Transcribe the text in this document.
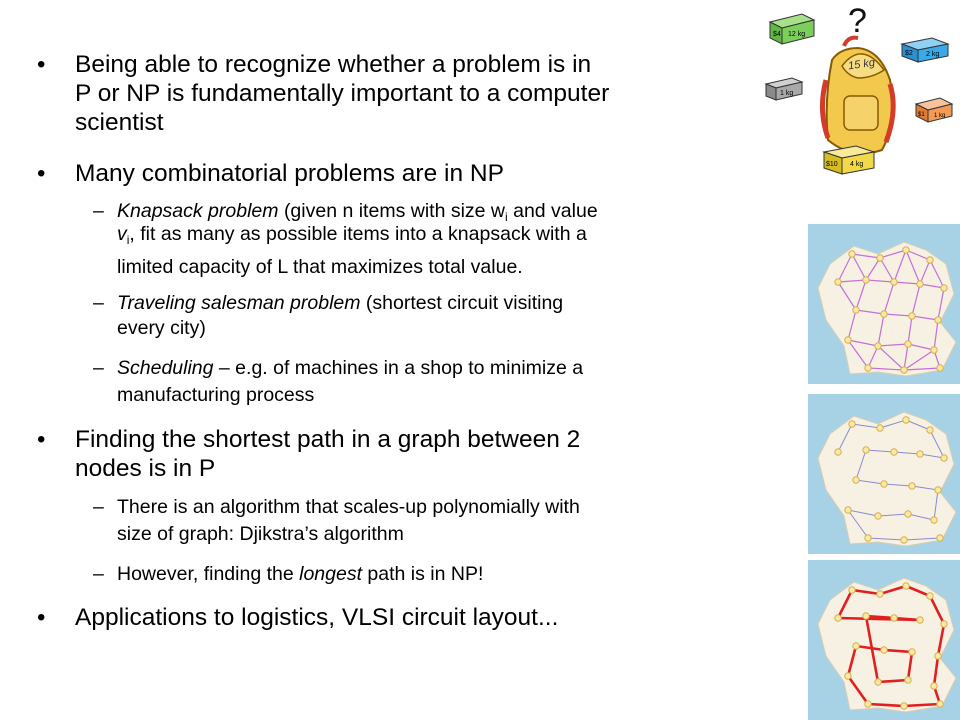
• Being able to recognize whether a problem is in

P or NP is fundamentally important to a computer

scientist

• Many combinatorial problems are in NP

– Knapsack problem (given n items with size $w_i$ and value

$v_i$, fit as many as possible items into a knapsack with a

limited capacity of L that maximizes total value.

– Traveling salesman problem (shortest circuit visiting

every city)

– Scheduling – e.g. of machines in a shop to minimize a

manufacturing process

• Finding the shortest path in a graph between 2

nodes is in P

– There is an algorithm that scales-up polynomially with

size of graph: Djikstra’s algorithm

– However, finding the longest path is in NP!

• Applications to logistics, VLSI circuit layout...

?
$4 12 kg
$2 2 kg
1 kg
15 kg
$1 1 kg
$10 4 kg
